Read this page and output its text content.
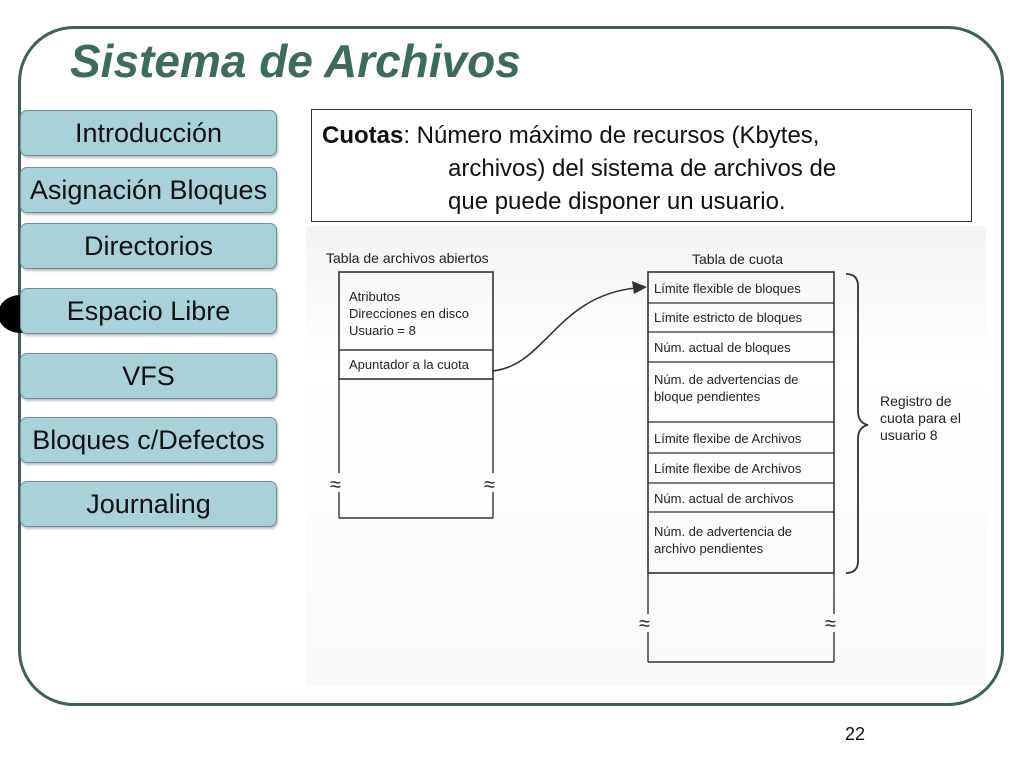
Sistema de Archivos
Introducción
Asignación Bloques
Directorios
Espacio Libre
VFS
Bloques c/Defectos
Journaling
Cuotas: Número máximo de recursos (Kbytes,
archivos) del sistema de archivos de
que puede disponer un usuario.
Tabla de archivos abiertos
Atributos
Direcciones en disco
Usuario = 8
Apuntador a la cuota
≈	≈
Tabla de cuota
Límite flexible de bloques
Límite estricto de bloques
Núm. actual de bloques
Núm. de advertencias de
bloque pendientes
Límite flexibe de Archivos
Límite flexibe de Archivos
Núm. actual de archivos
Núm. de advertencia de
archivo pendientes
≈	≈
Registro de
cuota para el
usuario 8
22
